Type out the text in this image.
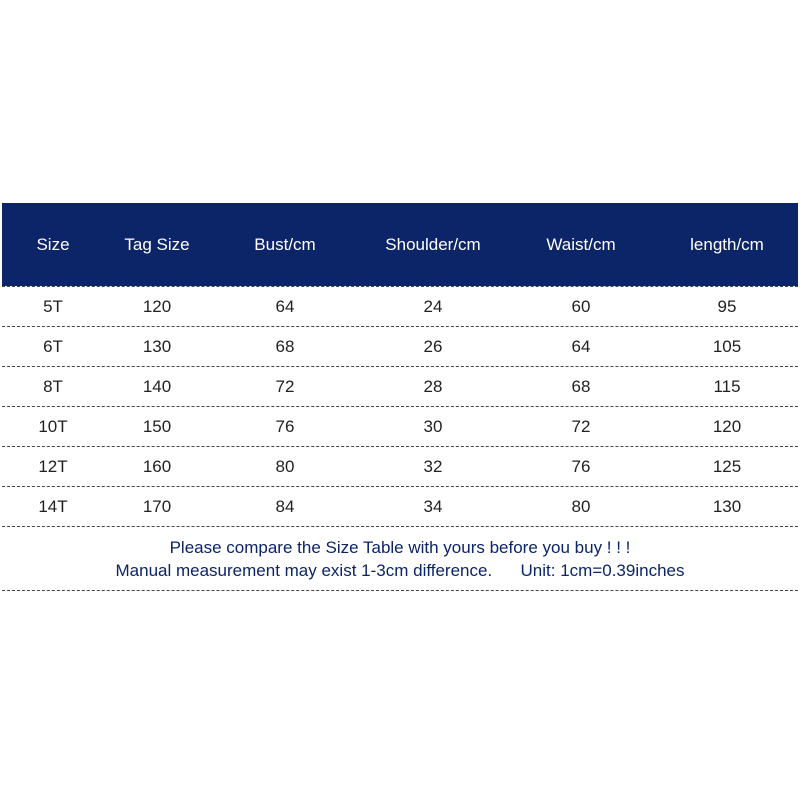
Size	Tag Size	Bust/cm	Shoulder/cm	Waist/cm	length/cm
5T	120	64	24	60	95
6T	130	68	26	64	105
8T	140	72	28	68	115
10T	150	76	30	72	120
12T	160	80	32	76	125
14T	170	84	34	80	130
Please compare the Size Table with yours before you buy ! ! !
Manual measurement may exist 1-3cm difference. Unit: 1cm=0.39inches
